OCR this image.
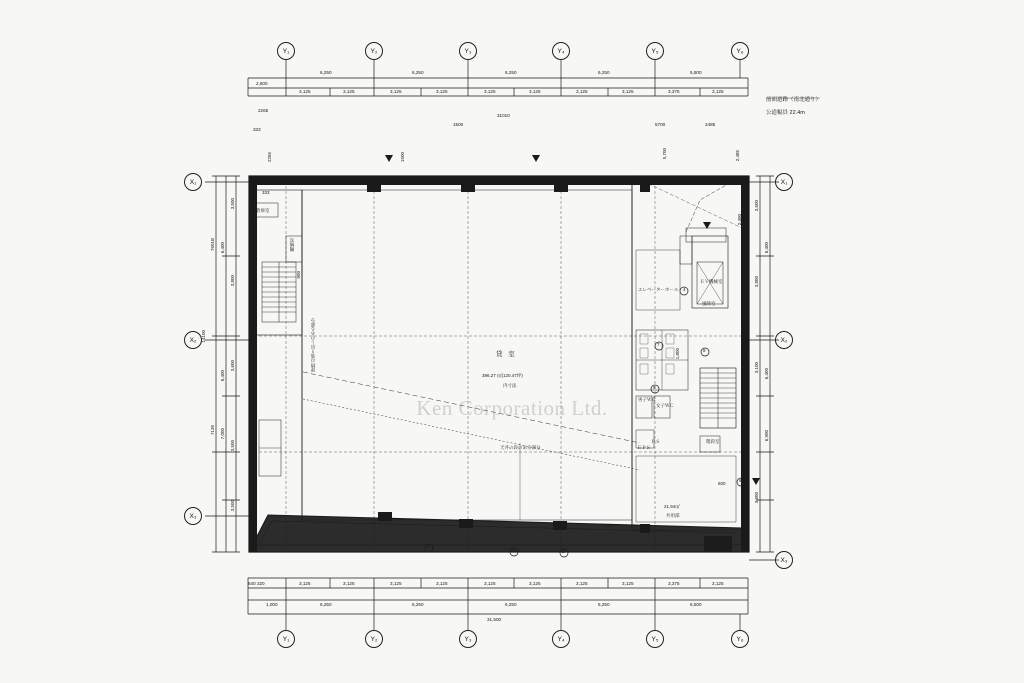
Ken Corporation Ltd.
Y₁	Y₂	Y₃	Y₄	Y₅	Y₆
Y₁	Y₂	Y₃	Y₄	Y₅	Y₆
X₁
X₂
X₃
X₁
X₂
X₃
6,250	6,250	6,250	6,250	5,500
2,600
3,125	3,125	3,125	3,125	3,125	3,125	3,125	3,125	3,375	3,125
2265
1500
31010
5700	2485
333
前面道路（南北通り）
公道幅員 22.4m
7601B
14100
7136
6,400
6,400
7,000
3,500
3,800
3,600
3,500
3,500
建物の張り出しのある部分
倉庫室
機械室	6,400
6,400
6,900
3,600
3,800
3,100
3,600
1800
3,125	3,125	3,125	3,125	3,125	3,125	3,125	3,125	3,375	3,125
6,250	6,250	6,250	6,250	6,500
31,500
640 320
1,000
貸 室
396.27 ㎡(120.47坪)
内寸法
天井の段のある部分
エレベーターホール
ＥＶ機械室
男子ＷＣ
女子ＷＣ
階段室
風除室
ＰＳ
ＥＰＳ
21.94㎡
共用部
2,400
1,800
5,700	2,485
1500
2265
333
800
700
600
4
7
8
9
2
3	5
6
